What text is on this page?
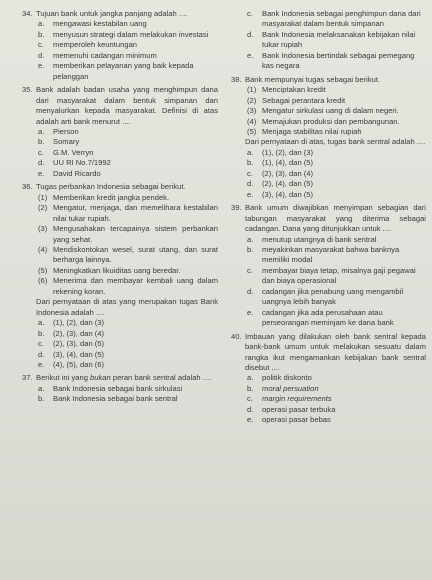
34. Tujuan bank untuk jangka panjang adalah ....
a. mengawasi kestabilan uang
b. menyusun strategi dalam melakukan investasi
c. memperoleh keuntungan
d. memenuhi cadangan minimum
e. memberikan pelayanan yang baik kepada pelanggan
35. Bank adalah badan usaha yang menghimpun dana dari masyarakat dalam bentuk simpanan dan menyalurkan kepada masyarakat. Definisi di atas adalah arti bank menurut ....
a. Pierson
b. Somary
c. G.M. Verryn
d. UU RI No.7/1992
e. David Ricardo
36. Tugas perbankan Indonesia sebagai berikut.
(1) Memberikan kredit jangka pendek.
(2) Mengatur, menjaga, dan memelihara kestabilan nilai tukar rupiah.
(3) Mengusahakan tercapainya sistem perbankan yang sehat.
(4) Mendiskontokan wesel, surat utang, dan surat berharga lainnya.
(5) Meningkatkan likuiditas uang beredar.
(6) Menerima dan membayar kembali uang dalam rekening koran.
Dari pernyataan di atas yang merupakan tugas Bank Indonesia adalah ....
a. (1), (2), dan (3)
b. (2), (3), dan (4)
c. (2), (3), dan (5)
d. (3), (4), dan (5)
e. (4), (5), dan (6)
37. Berikut ini yang bukan peran bank sentral adalah ....
a. Bank Indonesia sebagai bank sirkulasi
b. Bank Indonesia sebagai bank sentral
c. Bank Indonesia sebagai penghimpun dana dari masyarakat dalam bentuk simpanan
d. Bank Indonesia melaksanakan kebijakan nilai tukar rupiah
e. Bank Indonesia bertindak sebagai pemegang kas negara
38. Bank mempunyai tugas sebagai berikut.
(1) Menciptakan kredit
(2) Sebagai perantara kredit
(3) Mengatur sirkulasi uang di dalam negeri.
(4) Memajukan produksi dan pembangunan.
(5) Menjaga stabilitas nilai rupiah
Dari pernyataan di atas, tugas bank sentral adalah ....
a. (1), (2), dan (3)
b. (1), (4), dan (5)
c. (2), (3), dan (4)
d. (2), (4), dan (5)
e. (3), (4), dan (5)
39. Bank umum diwajibkan menyimpan sebagian dari tabungan masyarakat yang diterima sebagai cadangan. Dana yang ditunjukkan untuk ....
a. menutup utangnya di bank sentral
b. meyakinkan masyarakat bahwa banknya memiliki modal
c. membayar biaya tetap, misalnya gaji pegawai dan biaya operasional
d. cadangan jika penabung uang mengambil uangnya lebih banyak
e. cadangan jika ada perusahaan atau perseorangan meminjam ke dana bank
40. Imbauan yang dilakukan oleh bank sentral kepada bank-bank umum untuk melakukan sesuatu dalam rangka ikut mengamankan kebijakan bank sentral disebut ....
a. politik diskonto
b. moral persuation
c. margin requirements
d. operasi pasar terbuka
e. operasi pasar bebas
